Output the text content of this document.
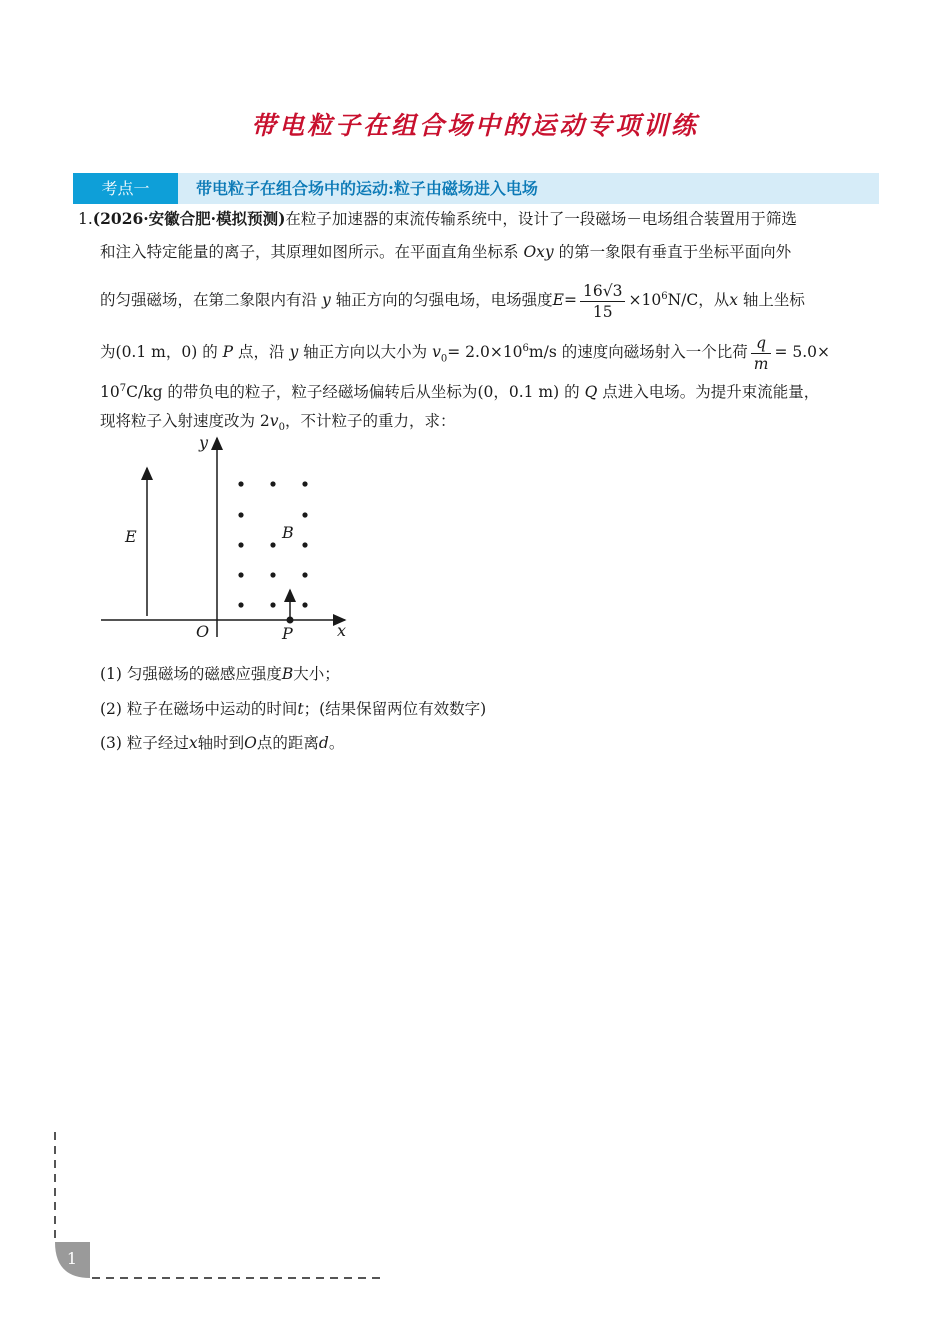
带电粒子在组合场中的运动专项训练
考点一	带电粒子在组合场中的运动:粒子由磁场进入电场
1.(2026·安徽合肥·模拟预测)在粒子加速器的束流传输系统中，设计了一段磁场－电场组合装置用于筛选
和注入特定能量的离子，其原理如图所示。在平面直角坐标系 Oxy 的第一象限有垂直于坐标平面向外
的匀强磁场，在第二象限内有沿 y 轴正方向的匀强电场，电场强度$E= \frac{16√3}{15} \times 10^6N/C$，从x 轴上坐标
为(0.1 m，0) 的 P 点，沿 y 轴正方向以大小为 $v_0= 2.0\times 10^6m/s$ 的速度向磁场射入一个比荷 $\frac{q}{m} = 5.0\times$
$10^7C/kg$ 的带负电的粒子，粒子经磁场偏转后从坐标为(0，0.1 m) 的 Q 点进入电场。为提升束流能量，
现将粒子入射速度改为 $2v_0$，不计粒子的重力，求：
y
x
O
E	B
P
(1) 匀强磁场的磁感应强度B大小；
(2) 粒子在磁场中运动的时间t；(结果保留两位有效数字)
(3) 粒子经过x轴时到O点的距离d。
1
